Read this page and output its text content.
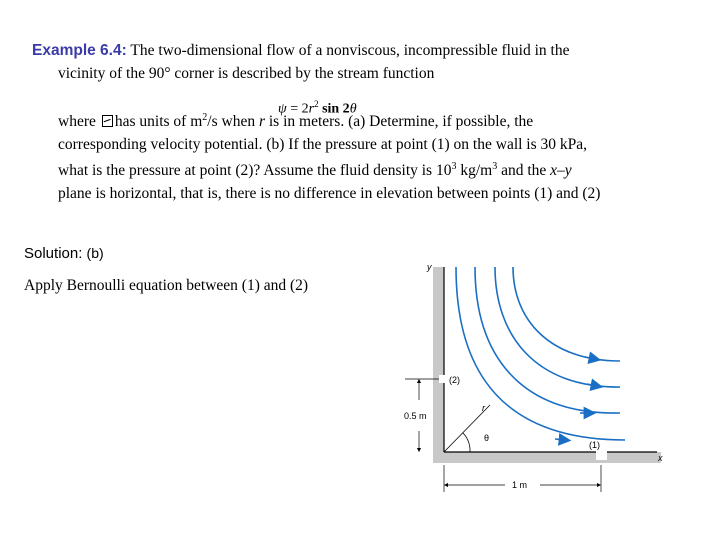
Example 6.4: The two-dimensional flow of a nonviscous, incompressible fluid in the
vicinity of the 90° corner is described by the stream function
where has units of $m^2/s$ when r is in meters. (a) Determine, if possible, the
corresponding velocity potential. (b) If the pressure at point (1) on the wall is 30 kPa,
what is the pressure at point (2)? Assume the fluid density is $10^3$ $kg/m^3$ and the x–y
plane is horizontal, that is, there is no difference in elevation between points (1) and (2)
$\psi = 2r^2$ sin 2θ
Solution: (b)
Apply Bernoulli equation between (1) and (2)
y
x
r
θ
(2)
(1)
0.5 m
1 m
